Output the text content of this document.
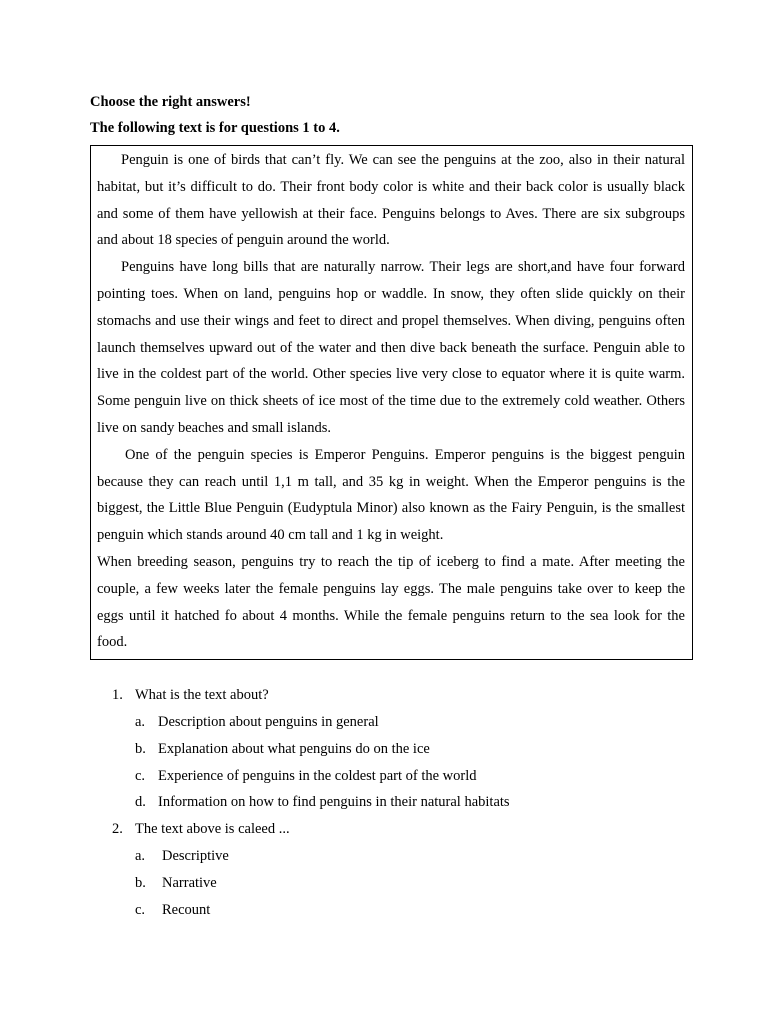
Choose the right answers!

The following text is for questions 1 to 4.

Penguin is one of birds that can’t fly. We can see the penguins at the zoo, also in their natural habitat, but it’s difficult to do. Their front body color is white and their back color is usually black and some of them have yellowish at their face. Penguins belongs to Aves. There are six subgroups and about 18 species of penguin around the world.

Penguins have long bills that are naturally narrow. Their legs are short,and have four forward pointing toes. When on land, penguins hop or waddle. In snow, they often slide quickly on their stomachs and use their wings and feet to direct and propel themselves. When diving, penguins often launch themselves upward out of the water and then dive back beneath the surface. Penguin able to live in the coldest part of the world. Other species live very close to equator where it is quite warm. Some penguin live on thick sheets of ice most of the time due to the extremely cold weather. Others live on sandy beaches and small islands.

One of the penguin species is Emperor Penguins. Emperor penguins is the biggest penguin because they can reach until 1,1 m tall, and 35 kg in weight. When the Emperor penguins is the biggest, the Little Blue Penguin (Eudyptula Minor) also known as the Fairy Penguin, is the smallest penguin which stands around 40 cm tall and 1 kg in weight.

When breeding season, penguins try to reach the tip of iceberg to find a mate. After meeting the couple, a few weeks later the female penguins lay eggs. The male penguins take over to keep the eggs until it hatched fo about 4 months. While the female penguins return to the sea look for the food.

1. What is the text about?
a. Description about penguins in general
b. Explanation about what penguins do on the ice
c. Experience of penguins in the coldest part of the world
d. Information on how to find penguins in their natural habitats
2. The text above is caleed ...
a. Descriptive
b. Narrative
c. Recount
